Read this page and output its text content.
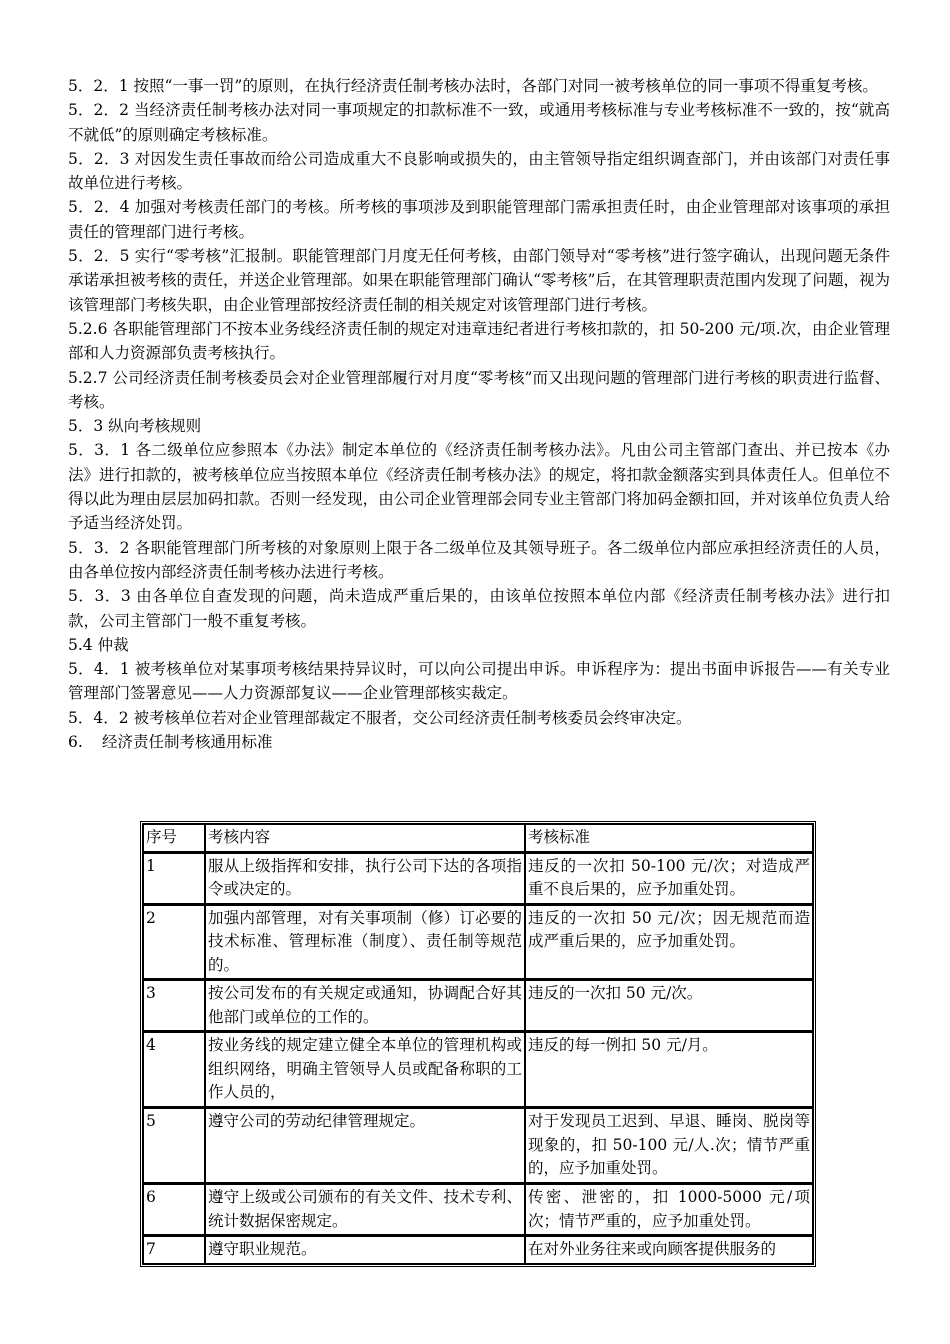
5．2．1 按照“一事一罚”的原则，在执行经济责任制考核办法时，各部门对同一被考核单位的同一事项不得重复考核。

5．2．2 当经济责任制考核办法对同一事项规定的扣款标准不一致，或通用考核标准与专业考核标准不一致的，按“就高不就低”的原则确定考核标准。

5．2．3 对因发生责任事故而给公司造成重大不良影响或损失的，由主管领导指定组织调查部门，并由该部门对责任事故单位进行考核。

5．2．4 加强对考核责任部门的考核。所考核的事项涉及到职能管理部门需承担责任时，由企业管理部对该事项的承担责任的管理部门进行考核。

5．2．5 实行“零考核”汇报制。职能管理部门月度无任何考核，由部门领导对“零考核”进行签字确认，出现问题无条件承诺承担被考核的责任，并送企业管理部。如果在职能管理部门确认“零考核”后，在其管理职责范围内发现了问题，视为该管理部门考核失职，由企业管理部按经济责任制的相关规定对该管理部门进行考核。

5.2.6 各职能管理部门不按本业务线经济责任制的规定对违章违纪者进行考核扣款的，扣 50-200 元/项.次，由企业管理部和人力资源部负责考核执行。

5.2.7 公司经济责任制考核委员会对企业管理部履行对月度“零考核”而又出现问题的管理部门进行考核的职责进行监督、考核。

5．3 纵向考核规则

5．3．1 各二级单位应参照本《办法》制定本单位的《经济责任制考核办法》。凡由公司主管部门查出、并已按本《办法》进行扣款的，被考核单位应当按照本单位《经济责任制考核办法》的规定，将扣款金额落实到具体责任人。但单位不得以此为理由层层加码扣款。否则一经发现，由公司企业管理部会同专业主管部门将加码金额扣回，并对该单位负责人给予适当经济处罚。

5．3．2 各职能管理部门所考核的对象原则上限于各二级单位及其领导班子。各二级单位内部应承担经济责任的人员，由各单位按内部经济责任制考核办法进行考核。

5．3．3 由各单位自查发现的问题，尚未造成严重后果的，由该单位按照本单位内部《经济责任制考核办法》进行扣款，公司主管部门一般不重复考核。

5.4 仲裁

5．4．1 被考核单位对某事项考核结果持异议时，可以向公司提出申诉。申诉程序为：提出书面申诉报告——有关专业管理部门签署意见——人力资源部复议——企业管理部核实裁定。

5．4．2 被考核单位若对企业管理部裁定不服者，交公司经济责任制考核委员会终审决定。

6. 经济责任制考核通用标准

序号	考核内容	考核标准
1	服从上级指挥和安排，执行公司下达的各项指令或决定的。	违反的一次扣 50-100 元/次；对造成严重不良后果的，应予加重处罚。
2	加强内部管理，对有关事项制（修）订必要的技术标准、管理标准（制度）、责任制等规范的。	违反的一次扣 50 元/次；因无规范而造成严重后果的，应予加重处罚。
3	按公司发布的有关规定或通知，协调配合好其他部门或单位的工作的。	违反的一次扣 50 元/次。
4	按业务线的规定建立健全本单位的管理机构或组织网络，明确主管领导人员或配备称职的工作人员的，	违反的每一例扣 50 元/月。
5	遵守公司的劳动纪律管理规定。	对于发现员工迟到、早退、睡岗、脱岗等现象的，扣 50-100 元/人.次；情节严重的，应予加重处罚。
6	遵守上级或公司颁布的有关文件、技术专利、统计数据保密规定。	传密、泄密的，扣 1000-5000 元/项次；情节严重的，应予加重处罚。
7	遵守职业规范。	在对外业务往来或向顾客提供服务的
